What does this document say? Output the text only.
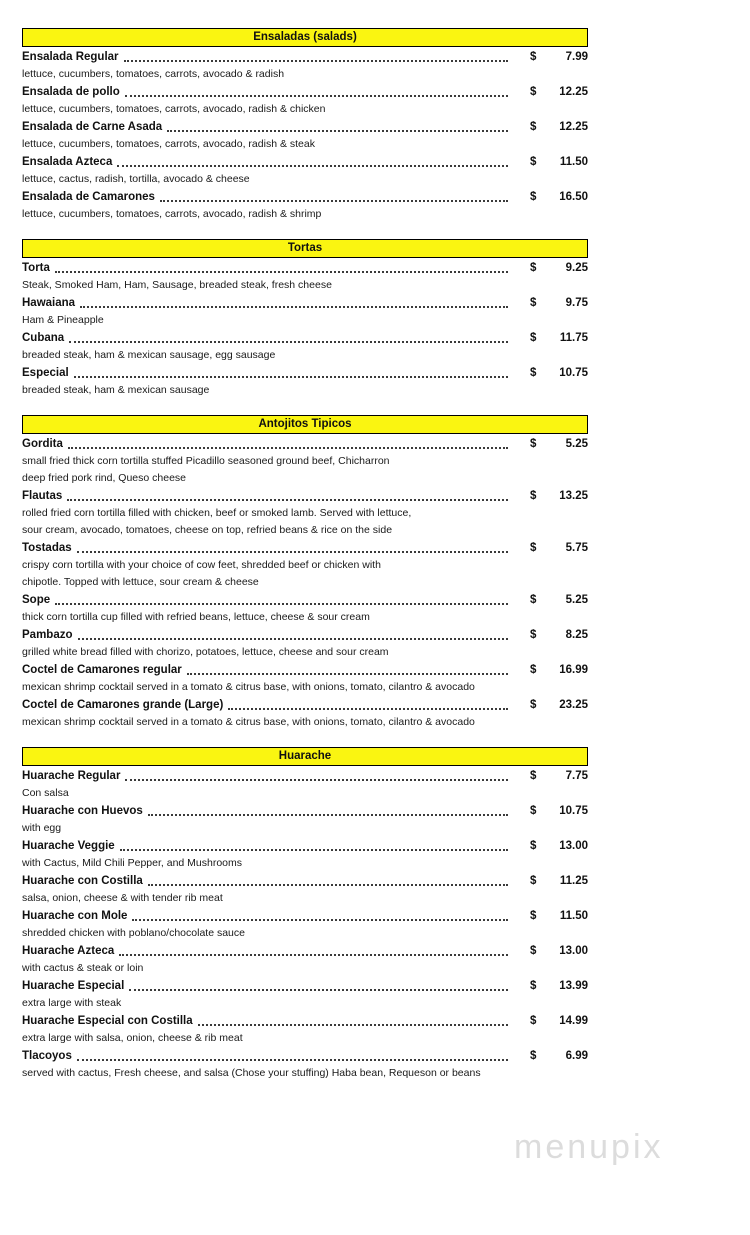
Ensaladas (salads)
Ensalada Regular	$	7.99
lettuce, cucumbers, tomatoes, carrots, avocado & radish
Ensalada de pollo	$	12.25
lettuce, cucumbers, tomatoes, carrots, avocado, radish & chicken
Ensalada de Carne Asada	$	12.25
lettuce, cucumbers, tomatoes, carrots, avocado, radish & steak
Ensalada Azteca	$	11.50
lettuce, cactus, radish, tortilla, avocado & cheese
Ensalada de Camarones	$	16.50
lettuce, cucumbers, tomatoes, carrots, avocado, radish & shrimp
Tortas
Torta	$	9.25
Steak, Smoked Ham, Ham, Sausage, breaded steak, fresh cheese
Hawaiana	$	9.75
Ham & Pineapple
Cubana	$	11.75
breaded steak, ham & mexican sausage, egg sausage
Especial	$	10.75
breaded steak, ham & mexican sausage
Antojitos Tipicos
Gordita	$	5.25
small fried thick corn tortilla stuffed Picadillo seasoned ground beef, Chicharron
deep fried pork rind, Queso cheese
Flautas	$	13.25
rolled fried corn tortilla filled with chicken, beef or smoked lamb. Served with lettuce,
sour cream, avocado, tomatoes, cheese on top, refried beans & rice on the side
Tostadas	$	5.75
crispy corn tortilla with your choice of cow feet, shredded beef or chicken with
chipotle. Topped with lettuce, sour cream & cheese
Sope	$	5.25
thick corn tortilla cup filled with refried beans, lettuce, cheese & sour cream
Pambazo	$	8.25
grilled white bread filled with chorizo, potatoes, lettuce, cheese and sour cream
Coctel de Camarones regular	$	16.99
mexican shrimp cocktail served in a tomato & citrus base, with onions, tomato, cilantro & avocado
Coctel de Camarones grande (Large)	$	23.25
mexican shrimp cocktail served in a tomato & citrus base, with onions, tomato, cilantro & avocado
Huarache
Huarache Regular	$	7.75
Con salsa
Huarache con Huevos	$	10.75
with egg
Huarache Veggie	$	13.00
with Cactus, Mild Chili Pepper, and Mushrooms
Huarache con Costilla	$	11.25
salsa, onion, cheese & with tender rib meat
Huarache con Mole	$	11.50
shredded chicken with poblano/chocolate sauce
Huarache Azteca	$	13.00
with cactus & steak or loin
Huarache Especial	$	13.99
extra large with steak
Huarache Especial con Costilla	$	14.99
extra large with salsa, onion, cheese & rib meat
Tlacoyos	$	6.99
served with cactus, Fresh cheese, and salsa (Chose your stuffing) Haba bean, Requeson or beans
menupix
